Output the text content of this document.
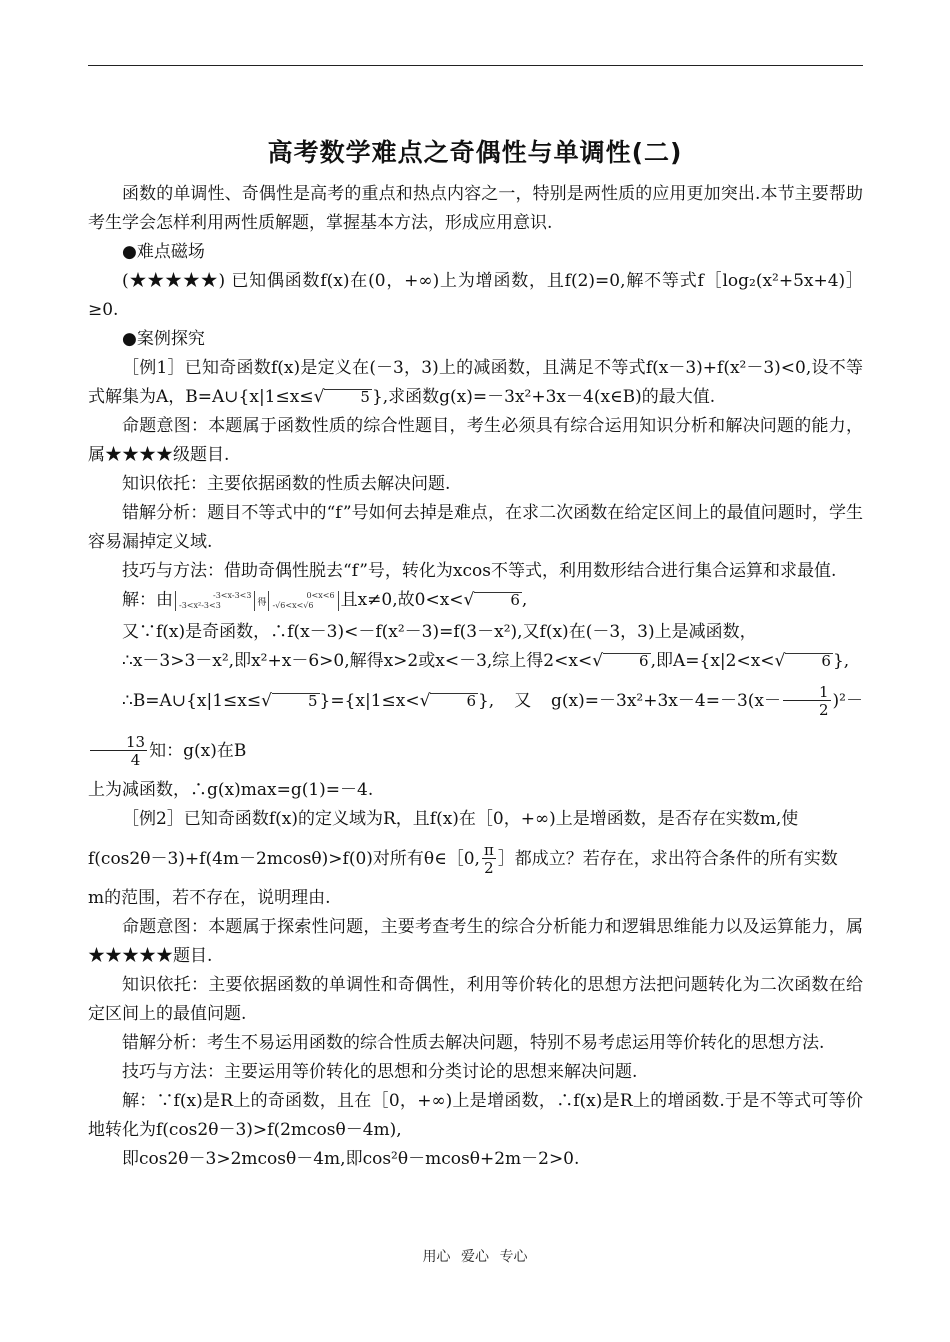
高考数学难点之奇偶性与单调性(二)

函数的单调性、奇偶性是高考的重点和热点内容之一，特别是两性质的应用更加突出.本节主要帮助考生学会怎样利用两性质解题，掌握基本方法，形成应用意识.

●难点磁场

(★★★★★) 已知偶函数f(x)在(0，+∞)上为增函数，且f(2)=0,解不等式f［log₂(x²+5x+4)］≥0.

●案例探究

［例1］已知奇函数f(x)是定义在(－3，3)上的减函数，且满足不等式f(x－3)+f(x²－3)<0,设不等式解集为A，B=A∪{x|1≤x≤√ 5 },求函数g(x)=－3x²+3x－4(x∈B)的最大值.

命题意图：本题属于函数性质的综合性题目，考生必须具有综合运用知识分析和解决问题的能力，属★★★★级题目.

知识依托：主要依据函数的性质去解决问题.

错解分析：题目不等式中的“f”号如何去掉是难点，在求二次函数在给定区间上的最值问题时，学生容易漏掉定义域.

技巧与方法：借助奇偶性脱去“f”号，转化为xcos不等式，利用数形结合进行集合运算和求最值.

解：由	-3<x-3<3
-3<x²-3<3	得0<x<6
-√6<x<√6 且x≠0,故0<x<√ 6 ,

又∵f(x)是奇函数，∴f(x－3)<－f(x²－3)=f(3－x²),又f(x)在(－3，3)上是减函数，

∴x－3>3－x²,即x²+x－6>0,解得x>2或x<－3,综上得2<x<√ 6 ,即A={x|2<x<√ 6 },

∴B=A∪{x|1≤x≤√ 5 }={x|1≤x<√ 6 },又$g(x)=-3x^2+3x-4=-3(x- \frac{1}{2} )^2-$
$\frac{13}{4}$ 知：g(x)在B

上为减函数，∴g(x)max=g(1)=－4.

［例2］已知奇函数f(x)的定义域为R，且f(x)在［0，+∞)上是增函数，是否存在实数m,使

f(cos2θ－3)+f(4m－2mcosθ)>f(0)对所有θ∈［0, $\frac{\pi}{2}$ ］都成立？若存在，求出符合条件的所有实数

m的范围，若不存在，说明理由.

命题意图：本题属于探索性问题，主要考查考生的综合分析能力和逻辑思维能力以及运算能力，属★★★★★题目.

知识依托：主要依据函数的单调性和奇偶性，利用等价转化的思想方法把问题转化为二次函数在给定区间上的最值问题.

错解分析：考生不易运用函数的综合性质去解决问题，特别不易考虑运用等价转化的思想方法.

技巧与方法：主要运用等价转化的思想和分类讨论的思想来解决问题.

解：∵f(x)是R上的奇函数，且在［0，+∞)上是增函数，∴f(x)是R上的增函数.于是不等式可等价地转化为f(cos2θ－3)>f(2mcosθ－4m),

即cos2θ－3>2mcosθ－4m,即cos²θ－mcosθ+2m－2>0.

用心 爱心 专心
